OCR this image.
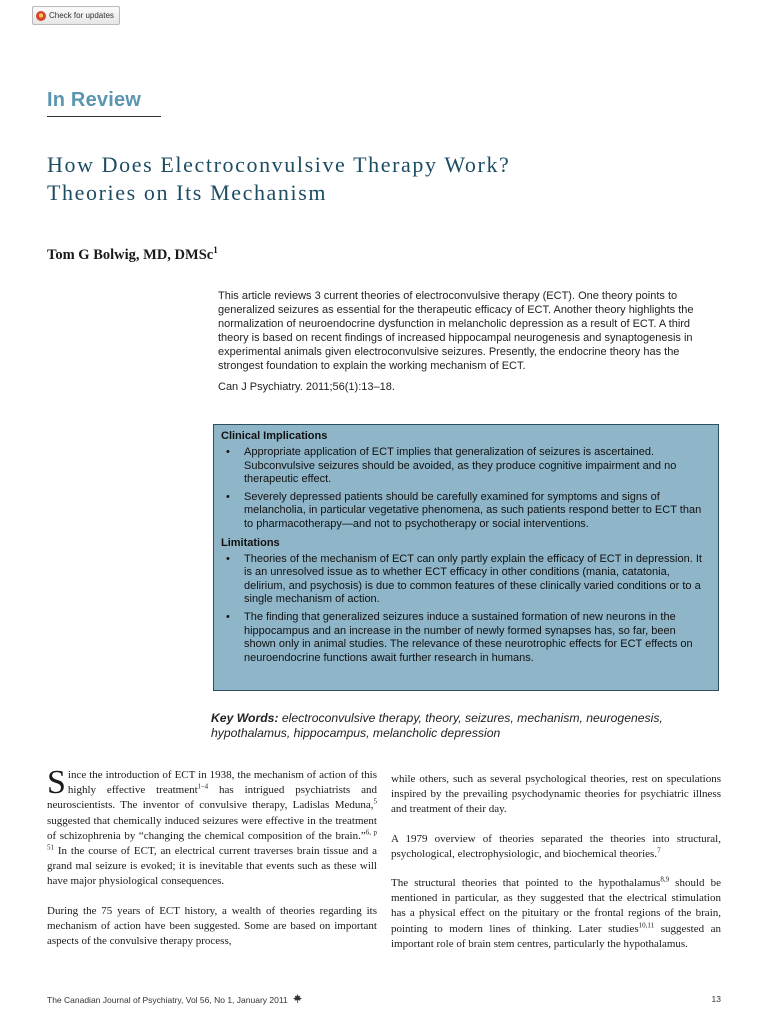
Check for updates
In Review
How Does Electroconvulsive Therapy Work?
Theories on Its Mechanism
Tom G Bolwig, MD, DMSc$^1$

This article reviews 3 current theories of electroconvulsive therapy (ECT). One theory points to generalized seizures as essential for the therapeutic efficacy of ECT. Another theory highlights the normalization of neuroendocrine dysfunction in melancholic depression as a result of ECT. A third theory is based on recent findings of increased hippocampal neurogenesis and synaptogenesis in experimental animals given electroconvulsive seizures. Presently, the endocrine theory has the strongest foundation to explain the working mechanism of ECT.

Can J Psychiatry. 2011;56(1):13–18.

Clinical Implications
• Appropriate application of ECT implies that generalization of seizures is ascertained. Subconvulsive seizures should be avoided, as they produce cognitive impairment and no therapeutic effect.
• Severely depressed patients should be carefully examined for symptoms and signs of melancholia, in particular vegetative phenomena, as such patients respond better to ECT than to pharmacotherapy—and not to psychotherapy or social interventions.
Limitations
• Theories of the mechanism of ECT can only partly explain the efficacy of ECT in depression. It is an unresolved issue as to whether ECT efficacy in other conditions (mania, catatonia, delirium, and psychosis) is due to common features of these clinically varied conditions or to a single mechanism of action.
• The finding that generalized seizures induce a sustained formation of new neurons in the hippocampus and an increase in the number of newly formed synapses has, so far, been shown only in animal studies. The relevance of these neurotrophic effects for ECT effects on neuroendocrine functions await further research in humans.
Key Words: electroconvulsive therapy, theory, seizures, mechanism, neurogenesis, hypothalamus, hippocampus, melancholic depression

Since the introduction of ECT in 1938, the mechanism of action of this highly effective treatment$^{1-4}$ has intrigued psychiatrists and neuroscientists. The inventor of convulsive therapy, Ladislas Meduna,$^5$ suggested that chemically induced seizures were effective in the treatment of schizophrenia by “changing the chemical composition of the brain.”$^{6, p 51}$ In the course of ECT, an electrical current traverses brain tissue and a grand mal seizure is evoked; it is inevitable that events such as these will have major physiological consequences.

During the 75 years of ECT history, a wealth of theories regarding its mechanism of action have been suggested. Some are based on important aspects of the convulsive therapy process,

while others, such as several psychological theories, rest on speculations inspired by the prevailing psychodynamic theories for psychiatric illness and treatment of their day.

A 1979 overview of theories separated the theories into structural, psychological, electrophysiologic, and biochemical theories.$^7$

The structural theories that pointed to the hypothalamus$^{8,9}$ should be mentioned in particular, as they suggested that the electrical stimulation has a physical effect on the pituitary or the frontal regions of the brain, pointing to modern lines of thinking. Later studies$^{10,11}$ suggested an important role of brain stem centres, particularly the hypothalamus.

The Canadian Journal of Psychiatry, Vol 56, No 1, January 2011	13
